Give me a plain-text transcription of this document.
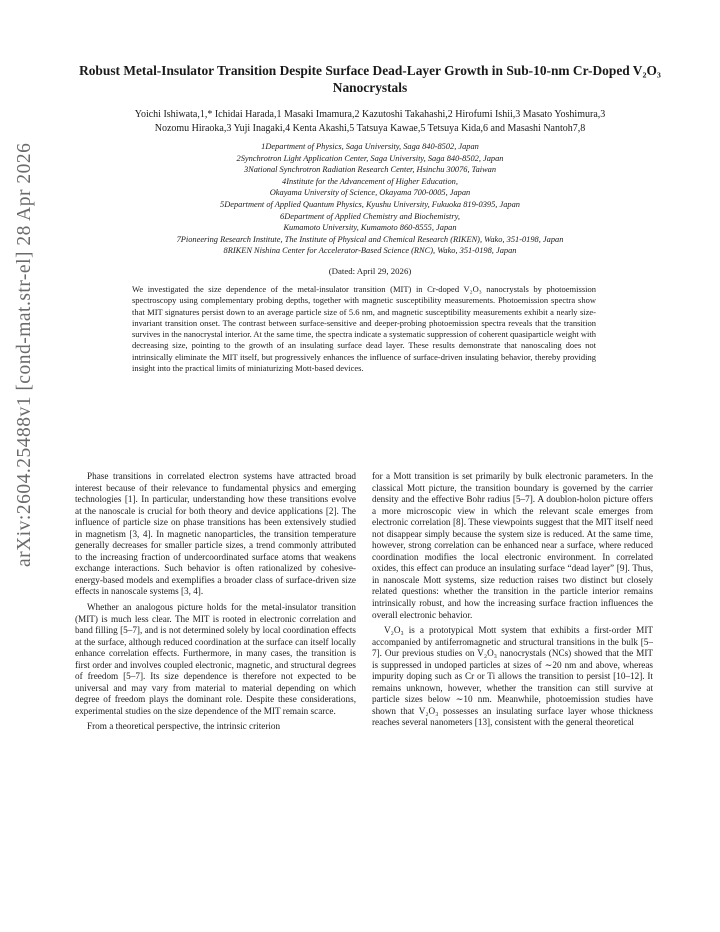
arXiv:2604.25488v1 [cond-mat.str-el] 28 Apr 2026
Robust Metal-Insulator Transition Despite Surface Dead-Layer Growth in Sub-10-nm Cr-Doped V₂O₃ Nanocrystals
Yoichi Ishiwata,1,* Ichidai Harada,1 Masaki Imamura,2 Kazutoshi Takahashi,2 Hirofumi Ishii,3 Masato Yoshimura,3
Nozomu Hiraoka,3 Yuji Inagaki,4 Kenta Akashi,5 Tatsuya Kawae,5 Tetsuya Kida,6 and Masashi Nantoh7,8
1Department of Physics, Saga University, Saga 840-8502, Japan
2Synchrotron Light Application Center, Saga University, Saga 840-8502, Japan
3National Synchrotron Radiation Research Center, Hsinchu 30076, Taiwan
4Institute for the Advancement of Higher Education,
Okayama University of Science, Okayama 700-0005, Japan
5Department of Applied Quantum Physics, Kyushu University, Fukuoka 819-0395, Japan
6Department of Applied Chemistry and Biochemistry,
Kumamoto University, Kumamoto 860-8555, Japan
7Pioneering Research Institute, The Institute of Physical and Chemical Research (RIKEN), Wako, 351-0198, Japan
8RIKEN Nishina Center for Accelerator-Based Science (RNC), Wako, 351-0198, Japan
(Dated: April 29, 2026)
We investigated the size dependence of the metal-insulator transition (MIT) in Cr-doped V₂O₃ nanocrystals by photoemission spectroscopy using complementary probing depths, together with magnetic susceptibility measurements. Photoemission spectra show that MIT signatures persist down to an average particle size of 5.6 nm, and magnetic susceptibility measurements exhibit a nearly size-invariant transition onset. The contrast between surface-sensitive and deeper-probing photoemission spectra reveals that the transition survives in the nanocrystal interior. At the same time, the spectra indicate a systematic suppression of coherent quasiparticle weight with decreasing size, pointing to the growth of an insulating surface dead layer. These results demonstrate that nanoscaling does not intrinsically eliminate the MIT itself, but progressively enhances the influence of surface-driven insulating behavior, thereby providing insight into the practical limits of miniaturizing Mott-based devices.

Phase transitions in correlated electron systems have attracted broad interest because of their relevance to fundamental physics and emerging technologies [1]. In particular, understanding how these transitions evolve at the nanoscale is crucial for both theory and device applications [2]. The influence of particle size on phase transitions has been extensively studied in magnetism [3, 4]. In magnetic nanoparticles, the transition temperature generally decreases for smaller particle sizes, a trend commonly attributed to the increasing fraction of undercoordinated surface atoms that weakens exchange interactions. Such behavior is often rationalized by cohesive-energy-based models and exemplifies a broader class of surface-driven size effects in nanoscale systems [3, 4].

Whether an analogous picture holds for the metal-insulator transition (MIT) is much less clear. The MIT is rooted in electronic correlation and band filling [5–7], and is not determined solely by local coordination effects at the surface, although reduced coordination at the surface can itself locally enhance correlation effects. Furthermore, in many cases, the transition is first order and involves coupled electronic, magnetic, and structural degrees of freedom [5–7]. Its size dependence is therefore not expected to be universal and may vary from material to material depending on which degree of freedom plays the dominant role. Despite these considerations, experimental studies on the size dependence of the MIT remain scarce.

From a theoretical perspective, the intrinsic criterion

for a Mott transition is set primarily by bulk electronic parameters. In the classical Mott picture, the transition boundary is governed by the carrier density and the effective Bohr radius [5–7]. A doublon-holon picture offers a more microscopic view in which the relevant scale emerges from electronic correlation [8]. These viewpoints suggest that the MIT itself need not disappear simply because the system size is reduced. At the same time, however, strong correlation can be enhanced near a surface, where reduced coordination modifies the local electronic environment. In correlated oxides, this effect can produce an insulating surface “dead layer” [9]. Thus, in nanoscale Mott systems, size reduction raises two distinct but closely related questions: whether the transition in the particle interior remains intrinsically robust, and how the increasing surface fraction influences the overall electronic behavior.

V₂O₃ is a prototypical Mott system that exhibits a first-order MIT accompanied by antiferromagnetic and structural transitions in the bulk [5–7]. Our previous studies on V₂O₃ nanocrystals (NCs) showed that the MIT is suppressed in undoped particles at sizes of ∼20 nm and above, whereas impurity doping such as Cr or Ti allows the transition to persist [10–12]. It remains unknown, however, whether the transition can still survive at particle sizes below ∼10 nm. Meanwhile, photoemission studies have shown that V₂O₃ possesses an insulating surface layer whose thickness reaches several nanometers [13], consistent with the general theoretical
